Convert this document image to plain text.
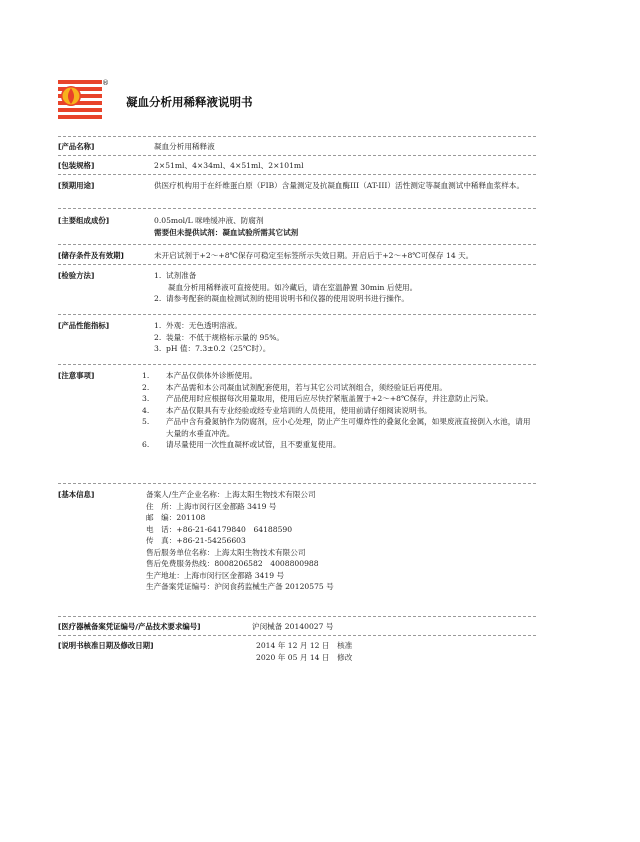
®
凝血分析用稀释液说明书
[产品名称]	凝血分析用稀释液
[包装规格]	2×51ml、4×34ml、4×51ml、2×101ml
[预期用途]	供医疗机构用于在纤维蛋白原（FIB）含量测定及抗凝血酶III（AT-III）活性测定等凝血测试中稀释血浆样本。
[主要组成成份]	0.05mol/L 咪唑缓冲液、防腐剂
需要但未提供试剂：凝血试验所需其它试剂
[储存条件及有效期]	未开启试剂于+2～+8℃保存可稳定至标签所示失效日期。开启后于+2～+8℃可保存 14 天。
[检验方法]	1. 试剂准备
凝血分析用稀释液可直接使用。如冷藏后，请在室温静置 30min 后使用。
2. 请参考配套的凝血检测试剂的使用说明书和仪器的使用说明书进行操作。
[产品性能指标]	1. 外观：无色透明溶液。
2. 装量：不低于规格标示量的 95%。
3. pH 值：7.3±0.2（25℃时）。
[注意事项]	1. 本产品仅供体外诊断使用。
2. 本产品需和本公司凝血试剂配套使用，若与其它公司试剂组合，须经验证后再使用。
3. 产品使用时应根据每次用量取用，使用后应尽快拧紧瓶盖置于+2～+8℃保存，并注意防止污染。
4. 本产品仅限具有专业经验或经专业培训的人员使用，使用前请仔细阅读说明书。
5. 产品中含有叠氮钠作为防腐剂，应小心处理，防止产生可爆炸性的叠氮化金属，如果废液直接倒入水池，请用大量的水垂直冲洗。
6. 请尽量使用一次性血凝杯或试管，且不要重复使用。
[基本信息]	备案人/生产企业名称：上海太阳生物技术有限公司
住　所：上海市闵行区金都路 3419 号
邮　编：201108
电　话：+86-21-64179840　64188590
传　真：+86-21-54256603
售后服务单位名称：上海太阳生物技术有限公司
售后免费服务热线：8008206582　4008800988
生产地址：上海市闵行区金都路 3419 号
生产备案凭证编号：沪闵食药监械生产备 20120575 号
[医疗器械备案凭证编号/产品技术要求编号]	沪闵械备 20140027 号
[说明书核准日期及修改日期]	2014 年 12 月 12 日　核准
2020 年 05 月 14 日　修改
